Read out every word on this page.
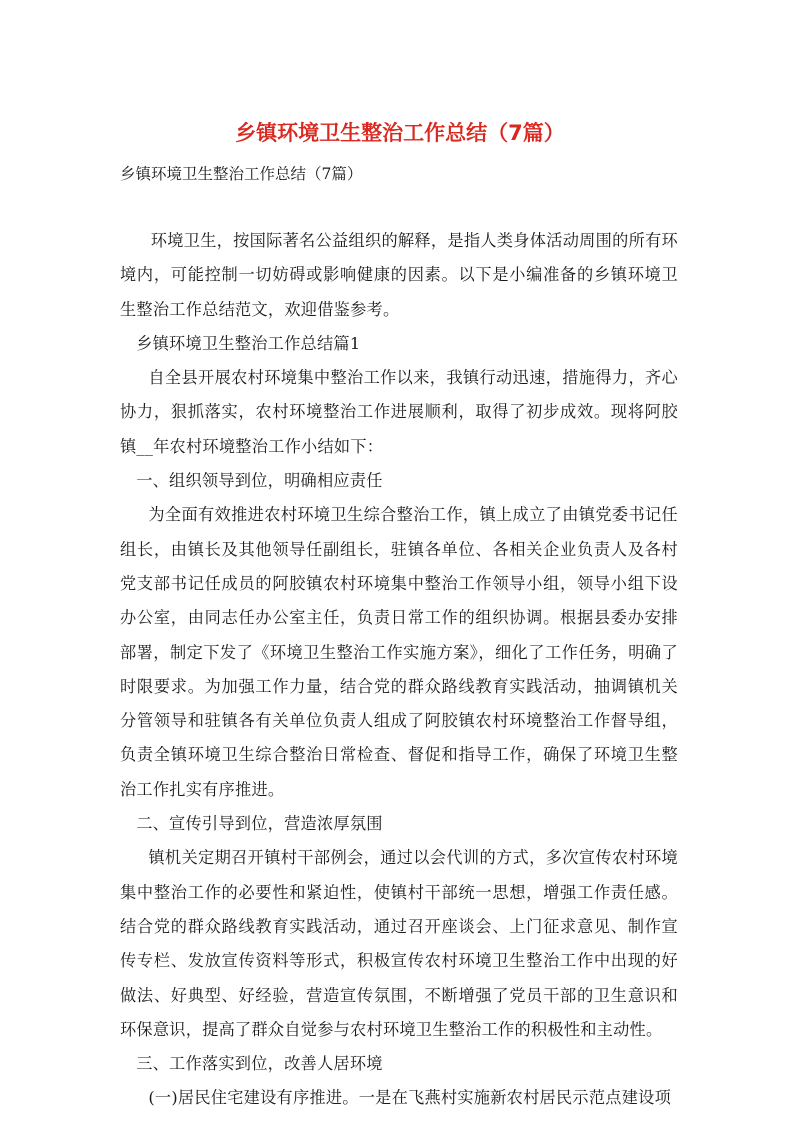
乡镇环境卫生整治工作总结（7篇）
乡镇环境卫生整治工作总结（7篇）

环境卫生，按国际著名公益组织的解释，是指人类身体活动周围的所有环境内，可能控制一切妨碍或影响健康的因素。以下是小编准备的乡镇环境卫生整治工作总结范文，欢迎借鉴参考。

乡镇环境卫生整治工作总结篇1

自全县开展农村环境集中整治工作以来，我镇行动迅速，措施得力，齐心协力，狠抓落实，农村环境整治工作进展顺利，取得了初步成效。现将阿胶镇__年农村环境整治工作小结如下：

一、组织领导到位，明确相应责任

为全面有效推进农村环境卫生综合整治工作，镇上成立了由镇党委书记任组长，由镇长及其他领导任副组长，驻镇各单位、各相关企业负责人及各村党支部书记任成员的阿胶镇农村环境集中整治工作领导小组，领导小组下设办公室，由同志任办公室主任，负责日常工作的组织协调。根据县委办安排部署，制定下发了《环境卫生整治工作实施方案》，细化了工作任务，明确了时限要求。为加强工作力量，结合党的群众路线教育实践活动，抽调镇机关分管领导和驻镇各有关单位负责人组成了阿胶镇农村环境整治工作督导组，负责全镇环境卫生综合整治日常检查、督促和指导工作，确保了环境卫生整治工作扎实有序推进。

二、宣传引导到位，营造浓厚氛围

镇机关定期召开镇村干部例会，通过以会代训的方式，多次宣传农村环境集中整治工作的必要性和紧迫性，使镇村干部统一思想，增强工作责任感。结合党的群众路线教育实践活动，通过召开座谈会、上门征求意见、制作宣传专栏、发放宣传资料等形式，积极宣传农村环境卫生整治工作中出现的好做法、好典型、好经验，营造宣传氛围，不断增强了党员干部的卫生意识和环保意识，提高了群众自觉参与农村环境卫生整治工作的积极性和主动性。

三、工作落实到位，改善人居环境

(一)居民住宅建设有序推进。一是在飞燕村实施新农村居民示范点建设项
